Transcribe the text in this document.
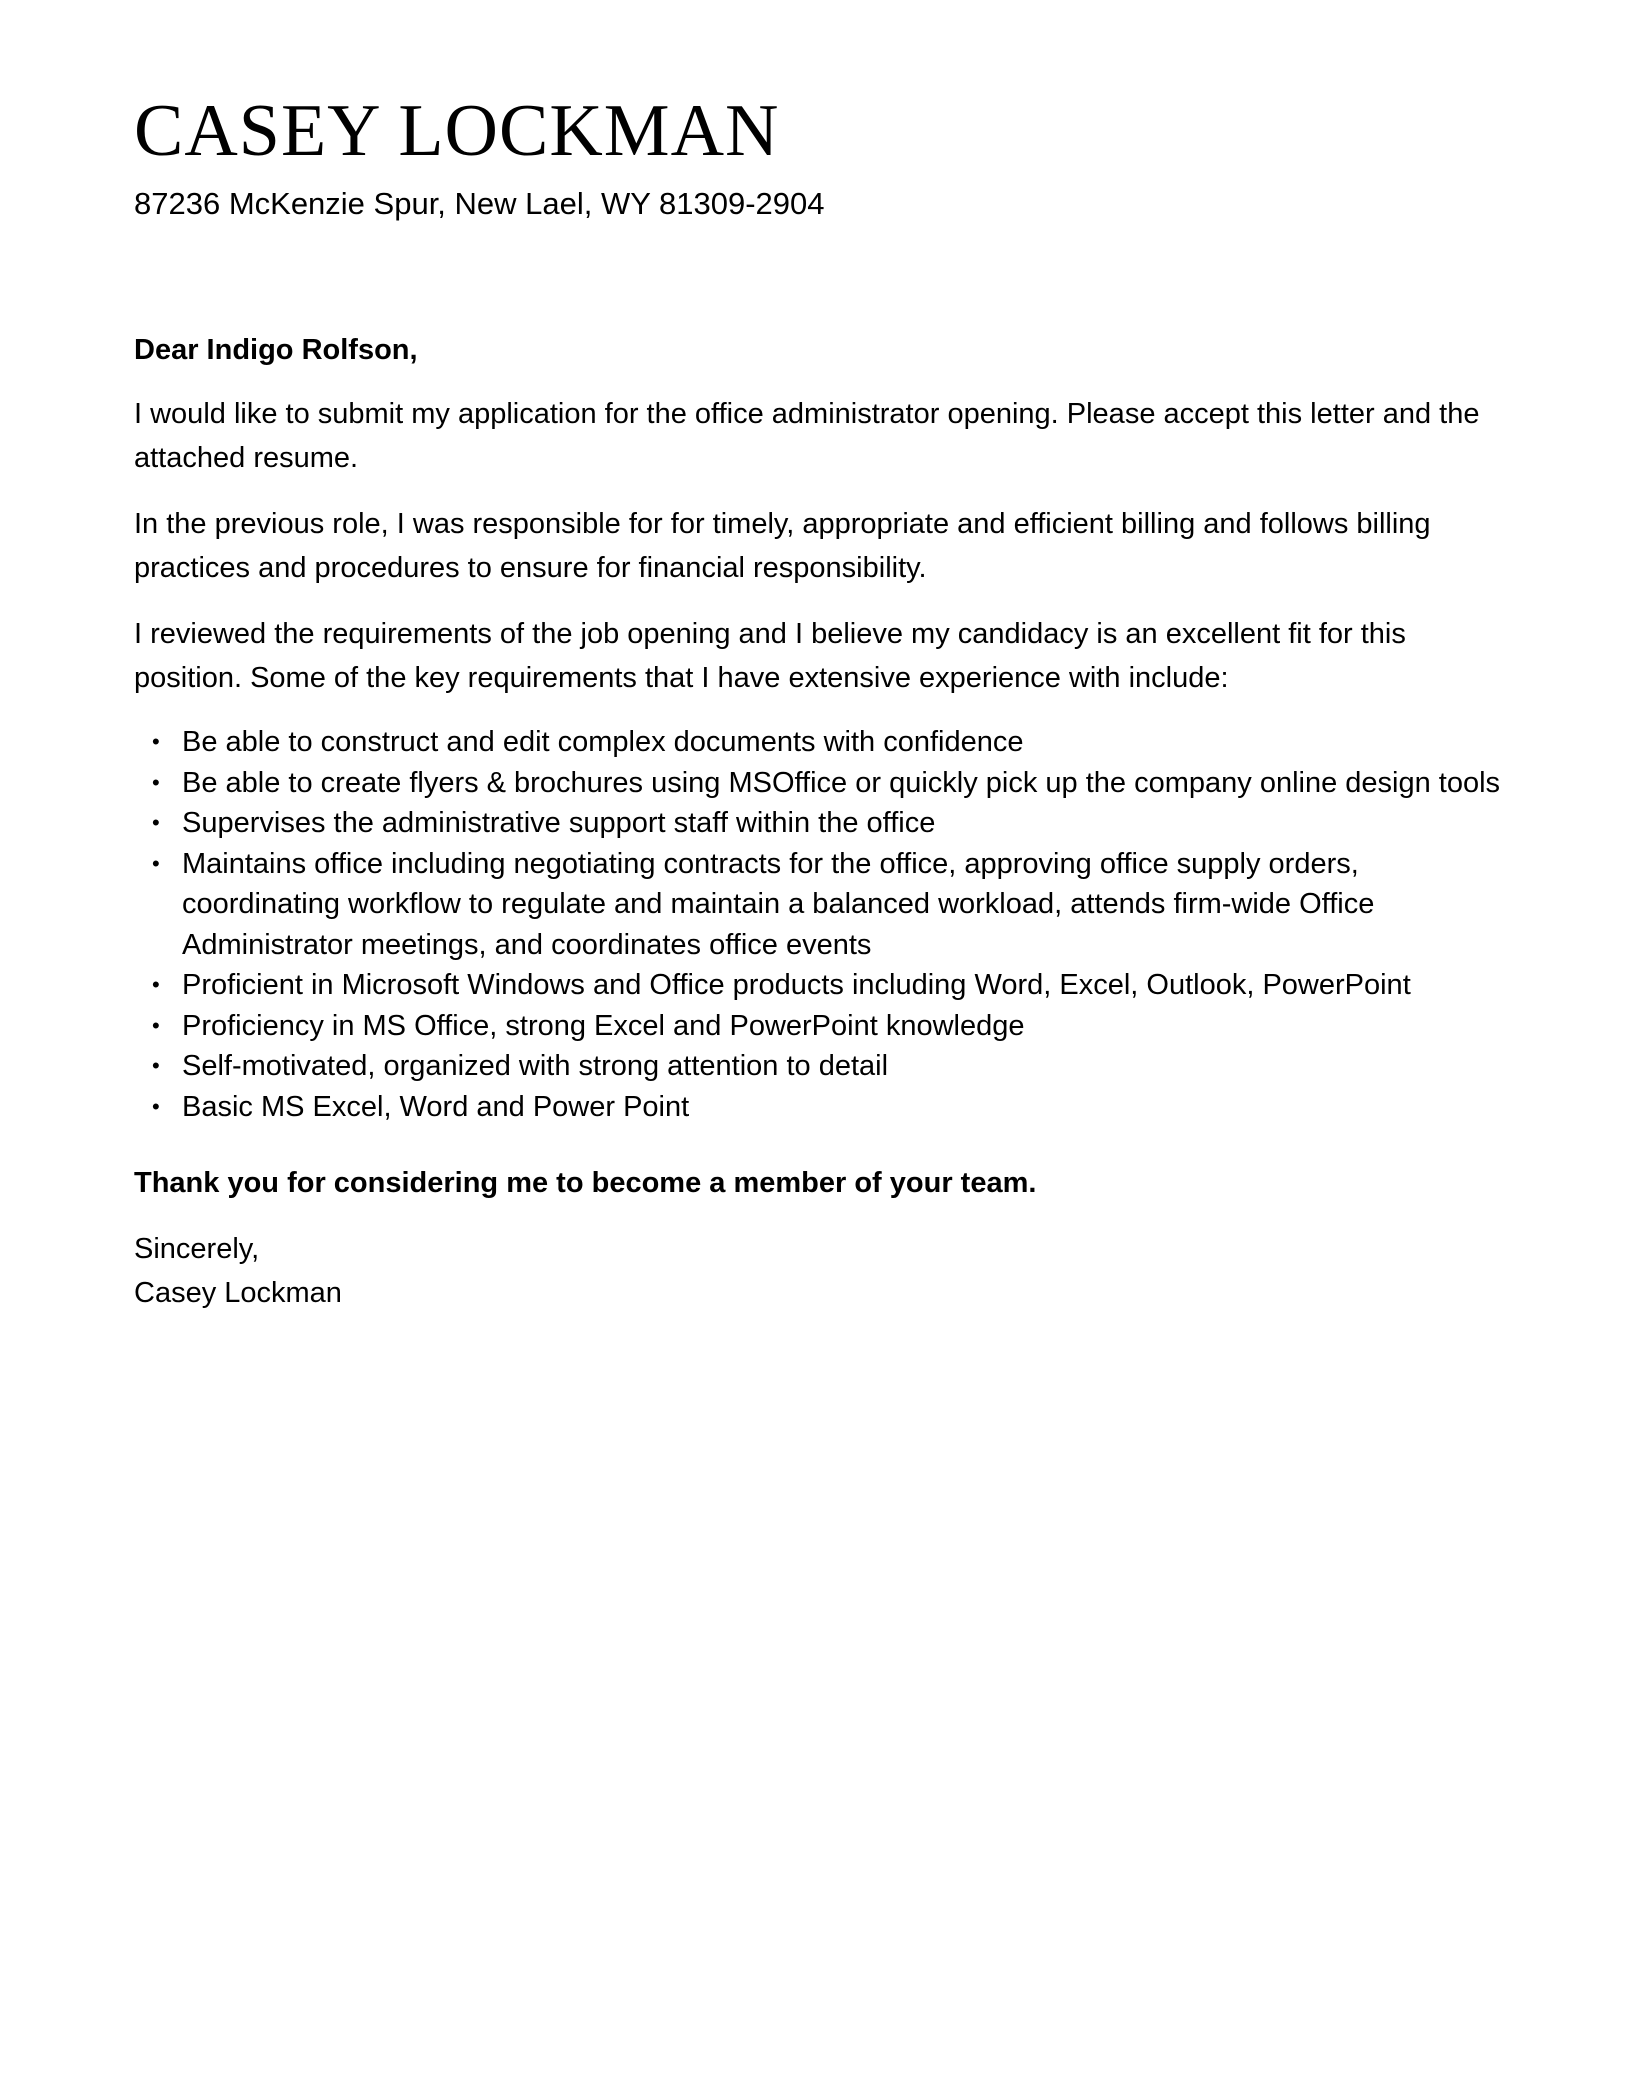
CASEY LOCKMAN
87236 McKenzie Spur, New Lael, WY 81309-2904
Dear Indigo Rolfson,

I would like to submit my application for the office administrator opening. Please accept this letter and the attached resume.

In the previous role, I was responsible for for timely, appropriate and efficient billing and follows billing practices and procedures to ensure for financial responsibility.

I reviewed the requirements of the job opening and I believe my candidacy is an excellent fit for this position. Some of the key requirements that I have extensive experience with include:

• Be able to construct and edit complex documents with confidence
• Be able to create flyers & brochures using MSOffice or quickly pick up the company online design tools
• Supervises the administrative support staff within the office
• Maintains office including negotiating contracts for the office, approving office supply orders, coordinating workflow to regulate and maintain a balanced workload, attends firm-wide Office Administrator meetings, and coordinates office events
• Proficient in Microsoft Windows and Office products including Word, Excel, Outlook, PowerPoint
• Proficiency in MS Office, strong Excel and PowerPoint knowledge
• Self-motivated, organized with strong attention to detail
• Basic MS Excel, Word and Power Point
Thank you for considering me to become a member of your team.
Sincerely,
Casey Lockman
